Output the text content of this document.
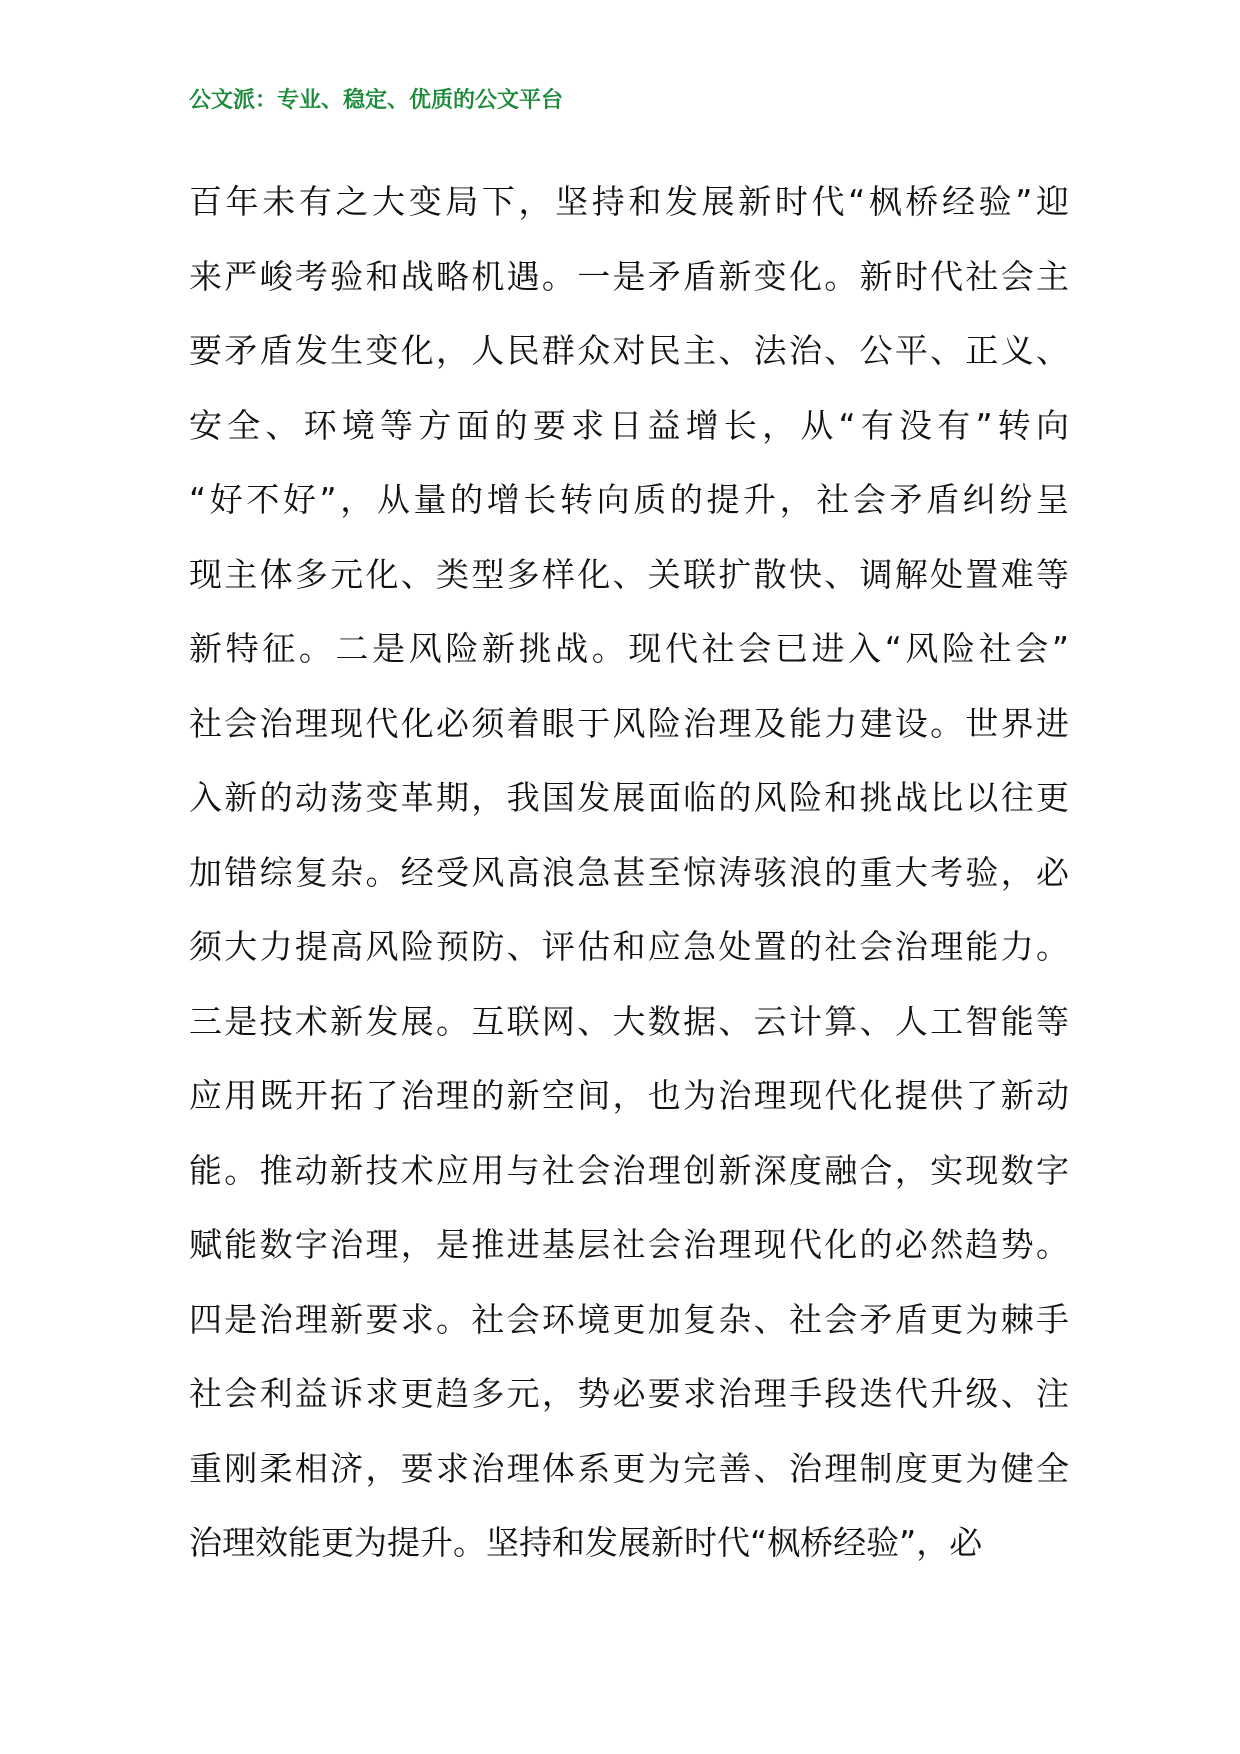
公文派：专业、稳定、优质的公文平台
百年未有之大变局下，坚持和发展新时代“枫桥经验”迎
来严峻考验和战略机遇。一是矛盾新变化。新时代社会主
要矛盾发生变化，人民群众对民主、法治、公平、正义、
安全、环境等方面的要求日益增长，从“有没有”转向
“好不好”，从量的增长转向质的提升，社会矛盾纠纷呈
现主体多元化、类型多样化、关联扩散快、调解处置难等
新特征。二是风险新挑战。现代社会已进入“风险社会”
社会治理现代化必须着眼于风险治理及能力建设。世界进
入新的动荡变革期，我国发展面临的风险和挑战比以往更
加错综复杂。经受风高浪急甚至惊涛骇浪的重大考验，必
须大力提高风险预防、评估和应急处置的社会治理能力。
三是技术新发展。互联网、大数据、云计算、人工智能等
应用既开拓了治理的新空间，也为治理现代化提供了新动
能。推动新技术应用与社会治理创新深度融合，实现数字
赋能数字治理，是推进基层社会治理现代化的必然趋势。
四是治理新要求。社会环境更加复杂、社会矛盾更为棘手
社会利益诉求更趋多元，势必要求治理手段迭代升级、注
重刚柔相济，要求治理体系更为完善、治理制度更为健全
治理效能更为提升。坚持和发展新时代“枫桥经验”，必
